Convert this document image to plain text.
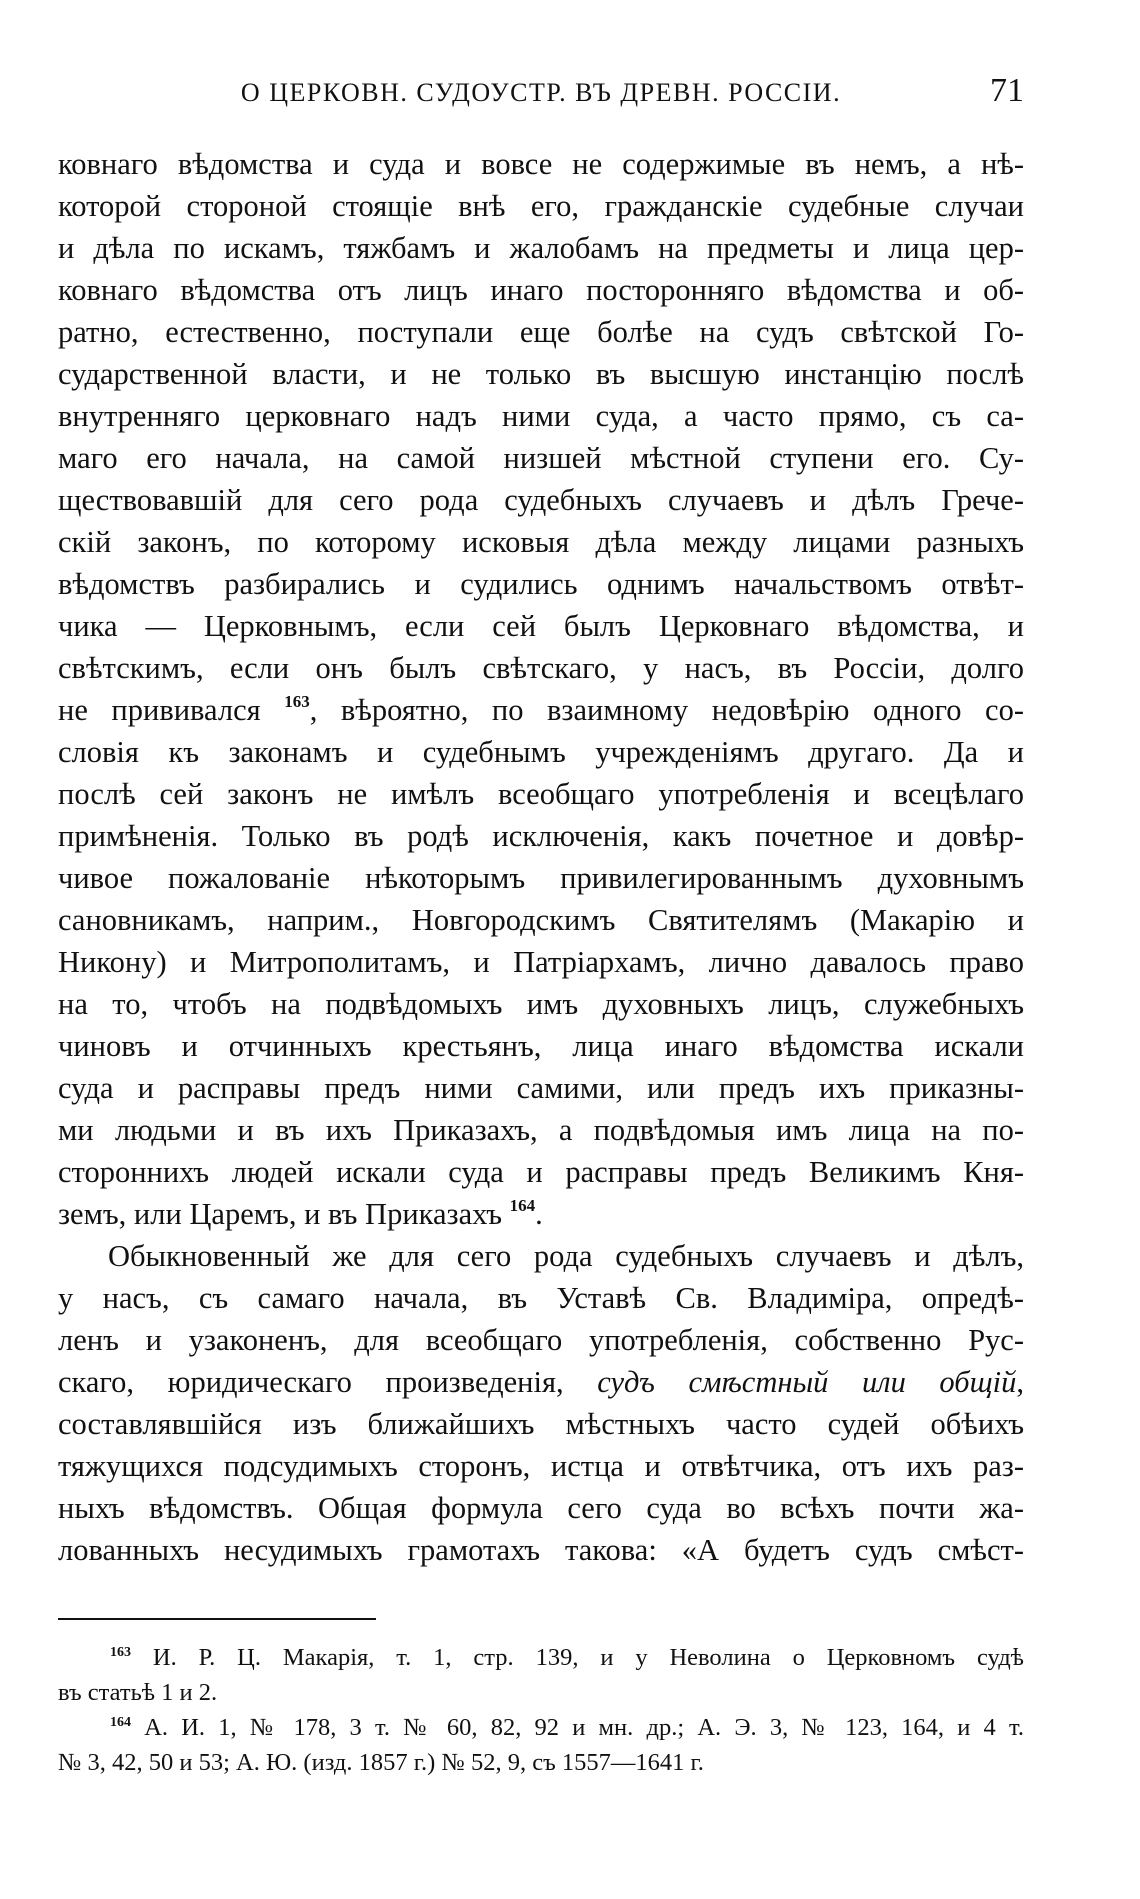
О ЦЕРКОВН. СУДОУСТР. ВЪ ДРЕВН. РОССІИ.	71
ковнаго вѣдомства и суда и вовсе не содержимые въ немъ, а нѣ-
которой стороной стоящіе внѣ его, гражданскіе судебные случаи
и дѣла по искамъ, тяжбамъ и жалобамъ на предметы и лица цер-
ковнаго вѣдомства отъ лицъ инаго посторонняго вѣдомства и об-
ратно, естественно, поступали еще болѣе на судъ свѣтской Го-
сударственной власти, и не только въ высшую инстанцію послѣ
внутренняго церковнаго надъ ними суда, а часто прямо, съ са-
маго его начала, на самой низшей мѣстной ступени его. Су-
ществовавшій для сего рода судебныхъ случаевъ и дѣлъ Грече-
скій законъ, по которому исковыя дѣла между лицами разныхъ
вѣдомствъ разбирались и судились однимъ начальствомъ отвѣт-
чика — Церковнымъ, если сей былъ Церковнаго вѣдомства, и
свѣтскимъ, если онъ былъ свѣтскаго, у насъ, въ Россіи, долго
не прививался $^{163}$, вѣроятно, по взаимному недовѣрію одного со-
словія къ законамъ и судебнымъ учрежденіямъ другаго. Да и
послѣ сей законъ не имѣлъ всеобщаго употребленія и всецѣлаго
примѣненія. Только въ родѣ исключенія, какъ почетное и довѣр-
чивое пожалованіе нѣкоторымъ привилегированнымъ духовнымъ
сановникамъ, наприм., Новгородскимъ Святителямъ (Макарію и
Никону) и Митрополитамъ, и Патріархамъ, лично давалось право
на то, чтобъ на подвѣдомыхъ имъ духовныхъ лицъ, служебныхъ
чиновъ и отчинныхъ крестьянъ, лица инаго вѣдомства искали
суда и расправы предъ ними самими, или предъ ихъ приказны-
ми людьми и въ ихъ Приказахъ, а подвѣдомыя имъ лица на по-
стороннихъ людей искали суда и расправы предъ Великимъ Кня-
земъ, или Царемъ, и въ Приказахъ $^{164}$.
Обыкновенный же для сего рода судебныхъ случаевъ и дѣлъ,
у насъ, съ самаго начала, въ Уставѣ Св. Владиміра, опредѣ-
ленъ и узаконенъ, для всеобщаго употребленія, собственно Рус-
скаго, юридическаго произведенія, судъ смѣстный или общій,
составлявшійся изъ ближайшихъ мѣстныхъ часто судей обѣихъ
тяжущихся подсудимыхъ сторонъ, истца и отвѣтчика, отъ ихъ раз-
ныхъ вѣдомствъ. Общая формула сего суда во всѣхъ почти жа-
лованныхъ несудимыхъ грамотахъ такова: «А будетъ судъ смѣст-
$^{163}$ И. Р. Ц. Макарія, т. 1, стр. 139, и у Неволина о Церковномъ судѣ
въ статьѣ 1 и 2.
$^{164}$ А. И. 1, № 178, 3 т. № 60, 82, 92 и мн. др.; А. Э. 3, № 123, 164, и 4 т.
№ 3, 42, 50 и 53; А. Ю. (изд. 1857 г.) № 52, 9, съ 1557—1641 г.
